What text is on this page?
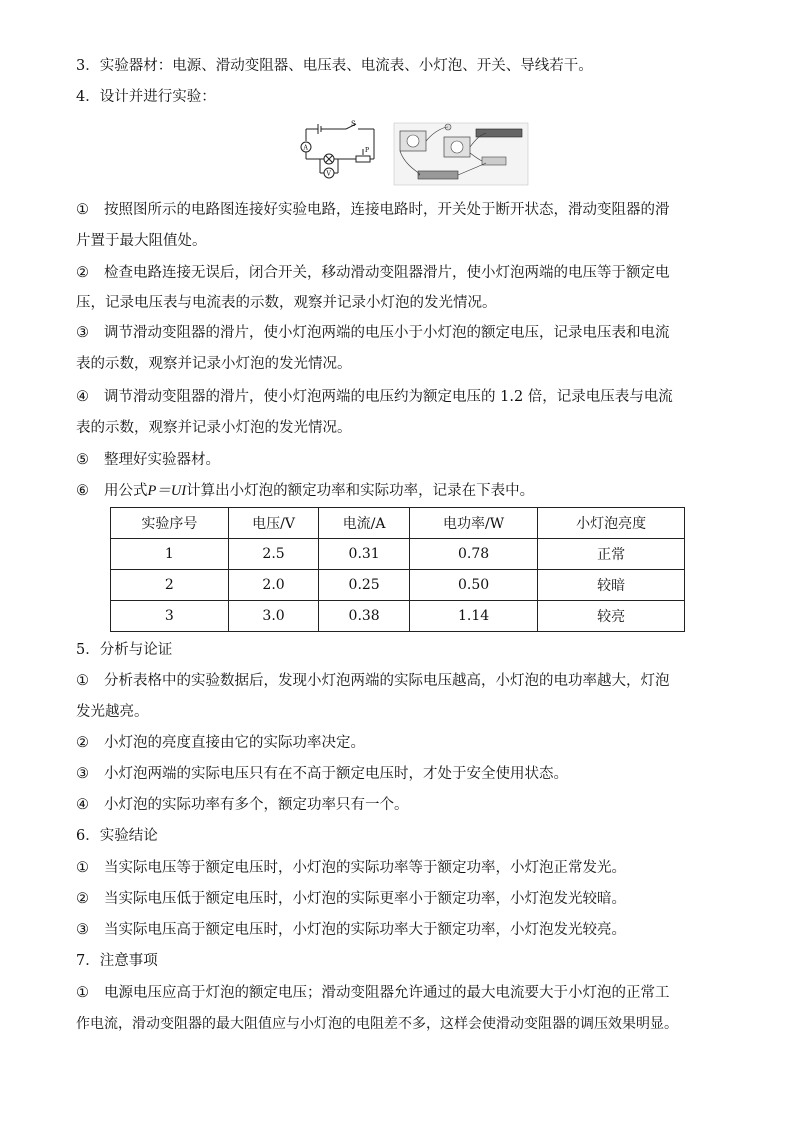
3．实验器材：电源、滑动变阻器、电压表、电流表、小灯泡、开关、导线若干。
4．设计并进行实验：
S
A
V
P
① 按照图所示的电路图连接好实验电路，连接电路时，开关处于断开状态，滑动变阻器的滑
片置于最大阻值处。
② 检查电路连接无误后，闭合开关，移动滑动变阻器滑片，使小灯泡两端的电压等于额定电
压，记录电压表与电流表的示数，观察并记录小灯泡的发光情况。
③ 调节滑动变阻器的滑片，使小灯泡两端的电压小于小灯泡的额定电压，记录电压表和电流
表的示数，观察并记录小灯泡的发光情况。
④ 调节滑动变阻器的滑片，使小灯泡两端的电压约为额定电压的 1.2 倍，记录电压表与电流
表的示数，观察并记录小灯泡的发光情况。
⑤ 整理好实验器材。
⑥ 用公式P＝UI计算出小灯泡的额定功率和实际功率，记录在下表中。
实验序号	电压/V	电流/A	电功率/W	小灯泡亮度
1	2.5	0.31	0.78	正常
2	2.0	0.25	0.50	较暗
3	3.0	0.38	1.14	较亮
5．分析与论证
① 分析表格中的实验数据后，发现小灯泡两端的实际电压越高，小灯泡的电功率越大，灯泡
发光越亮。
② 小灯泡的亮度直接由它的实际功率决定。
③ 小灯泡两端的实际电压只有在不高于额定电压时，才处于安全使用状态。
④ 小灯泡的实际功率有多个，额定功率只有一个。
6．实验结论
① 当实际电压等于额定电压时，小灯泡的实际功率等于额定功率，小灯泡正常发光。
② 当实际电压低于额定电压时，小灯泡的实际更率小于额定功率，小灯泡发光较暗。
③ 当实际电压高于额定电压时，小灯泡的实际功率大于额定功率，小灯泡发光较亮。
7．注意事项
① 电源电压应高于灯泡的额定电压；滑动变阻器允许通过的最大电流要大于小灯泡的正常工
作电流，滑动变阻器的最大阻值应与小灯泡的电阻差不多，这样会使滑动变阻器的调压效果明显。
